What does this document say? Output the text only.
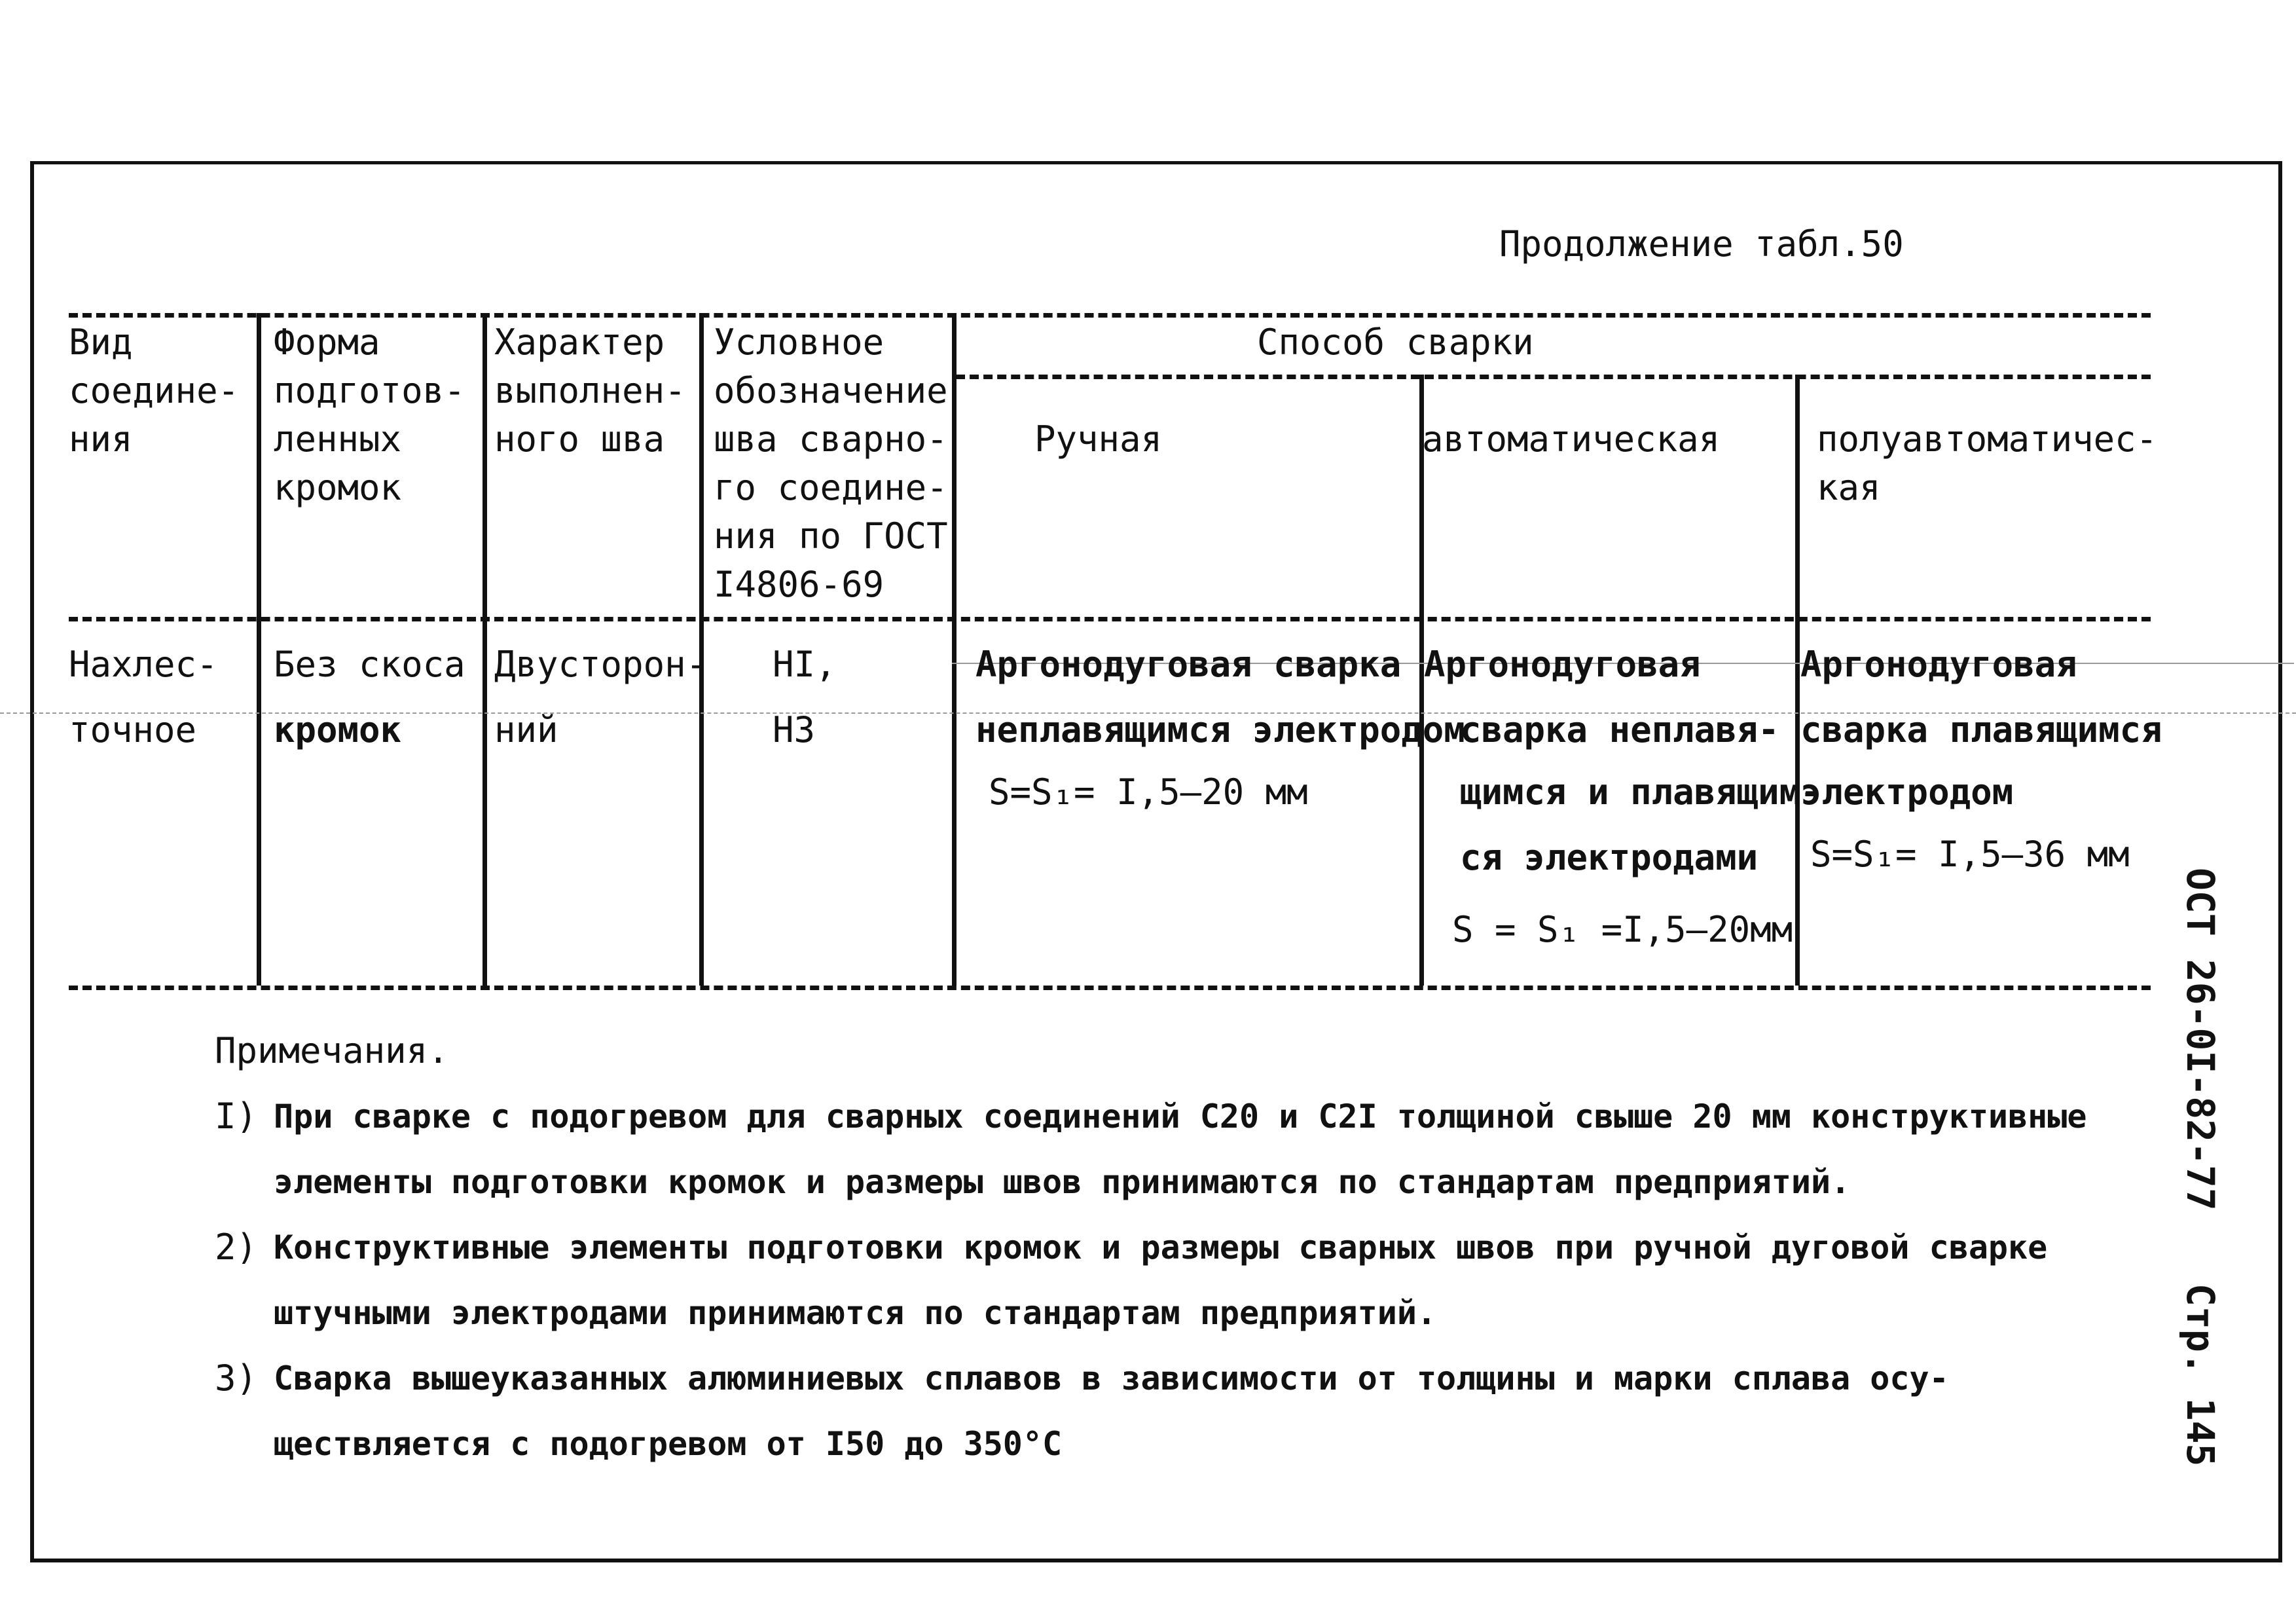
Продолжение табл.50
Вид
соедине-
ния
Форма
подготов-
ленных
кромок
Характер
выполнен-
ного шва
Условное
обозначение
шва сварно-
го соедине-
ния по ГОСТ
I4806-69
Способ сварки
Ручная	автоматическая	полуавтоматичес-
кая
Нахлес-
точное
Без скоса
кромок
Двусторон-
ний
HI,
H3
Аргонодуговая сварка
неплавящимся электродом
S=S₁= I,5–20 мм
Аргонодуговая
сварка неплавя-
щимся и плавящим-
ся электродами
S = S₁ =I,5–20мм
Аргонодуговая
сварка плавящимся
электродом
S=S₁= I,5–36 мм
Примечания.
I) При сварке с подогревом для сварных соединений С20 и С2I толщиной свыше 20 мм конструктивные
элементы подготовки кромок и размеры швов принимаются по стандартам предприятий.
2) Конструктивные элементы подготовки кромок и размеры сварных швов при ручной дуговой сварке
штучными электродами принимаются по стандартам предприятий.
3) Сварка вышеуказанных алюминиевых сплавов в зависимости от толщины и марки сплава осу-
ществляется с подогревом от I50 до 350°С
ОСТ 26-0I-82-77
Стр. 145
